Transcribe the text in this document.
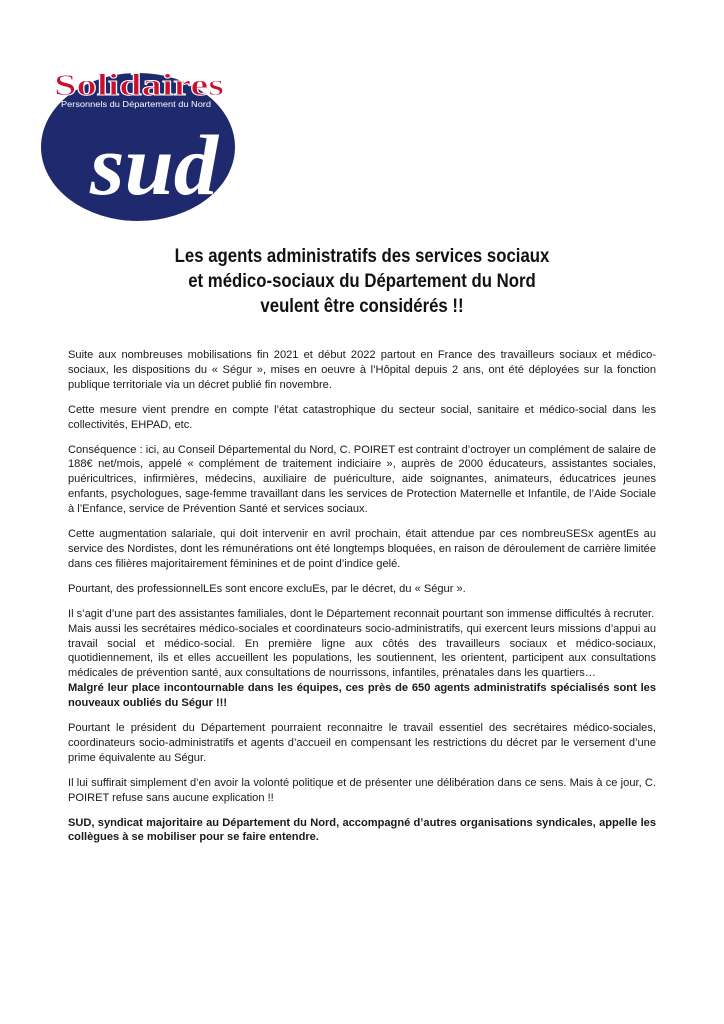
Solidaires
Personnels du Département du Nord
sud
Les agents administratifs des services sociaux
et médico-sociaux du Département du Nord
veulent être considérés !!

Suite aux nombreuses mobilisations fin 2021 et début 2022 partout en France des travailleurs sociaux et médico-sociaux, les dispositions du « Ségur », mises en oeuvre à l’Hôpital depuis 2 ans, ont été déployées sur la fonction publique territoriale via un décret publié fin novembre.

Cette mesure vient prendre en compte l’état catastrophique du secteur social, sanitaire et médico-social dans les collectivités, EHPAD, etc.

Conséquence : ici, au Conseil Départemental du Nord, C. POIRET est contraint d’octroyer un complément de salaire de 188€ net/mois, appelé « complément de traitement indiciaire », auprès de 2000 éducateurs, assistantes sociales, puéricultrices, infirmières, médecins, auxiliaire de puériculture, aide soignantes, animateurs, éducatrices jeunes enfants, psychologues, sage-femme travaillant dans les services de Protection Maternelle et Infantile, de l’Aide Sociale à l’Enfance, service de Prévention Santé et services sociaux.

Cette augmentation salariale, qui doit intervenir en avril prochain, était attendue par ces nombreuSESx agentEs au service des Nordistes, dont les rémunérations ont été longtemps bloquées, en raison de déroulement de carrière limitée dans ces filières majoritairement féminines et de point d’indice gelé.

Pourtant, des professionnelLEs sont encore excluEs, par le décret, du « Ségur ».

Il s’agit d’une part des assistantes familiales, dont le Département reconnait pourtant son immense difficultés à recruter.

Mais aussi les secrétaires médico-sociales et coordinateurs socio-administratifs, qui exercent leurs missions d’appui au travail social et médico-social. En première ligne aux côtés des travailleurs sociaux et médico-sociaux, quotidiennement, ils et elles accueillent les populations, les soutiennent, les orientent, participent aux consultations médicales de prévention santé, aux consultations de nourrissons, infantiles, prénatales dans les quartiers…

Malgré leur place incontournable dans les équipes, ces près de 650 agents administratifs spécialisés sont les nouveaux oubliés du Ségur !!!

Pourtant le président du Département pourraient reconnaitre le travail essentiel des secrétaires médico-sociales, coordinateurs socio-administratifs et agents d’accueil en compensant les restrictions du décret par le versement d’une prime équivalente au Ségur.

Il lui suffirait simplement d’en avoir la volonté politique et de présenter une délibération dans ce sens. Mais à ce jour, C. POIRET refuse sans aucune explication !!

SUD, syndicat majoritaire au Département du Nord, accompagné d’autres organisations syndicales, appelle les collègues à se mobiliser pour se faire entendre.
